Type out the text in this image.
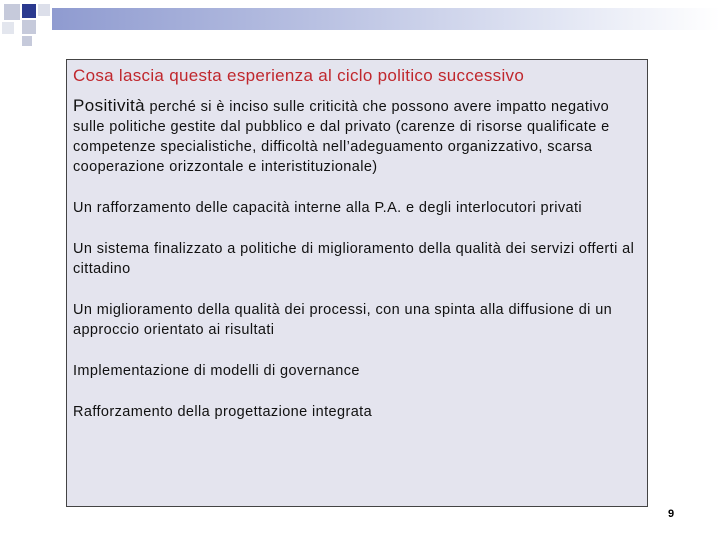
Cosa lascia questa esperienza al ciclo politico successivo

Positività perché si è inciso sulle criticità che possono avere impatto negativo sulle politiche gestite dal pubblico e dal privato (carenze di risorse qualificate e competenze specialistiche, difficoltà nell’adeguamento organizzativo, scarsa cooperazione orizzontale e interistituzionale)

Un rafforzamento delle capacità interne alla P.A. e degli interlocutori privati

Un sistema finalizzato a politiche di miglioramento della qualità dei servizi offerti al cittadino

Un miglioramento della qualità dei processi, con una spinta alla diffusione di un approccio orientato ai risultati

Implementazione di modelli di governance

Rafforzamento della progettazione integrata

9
